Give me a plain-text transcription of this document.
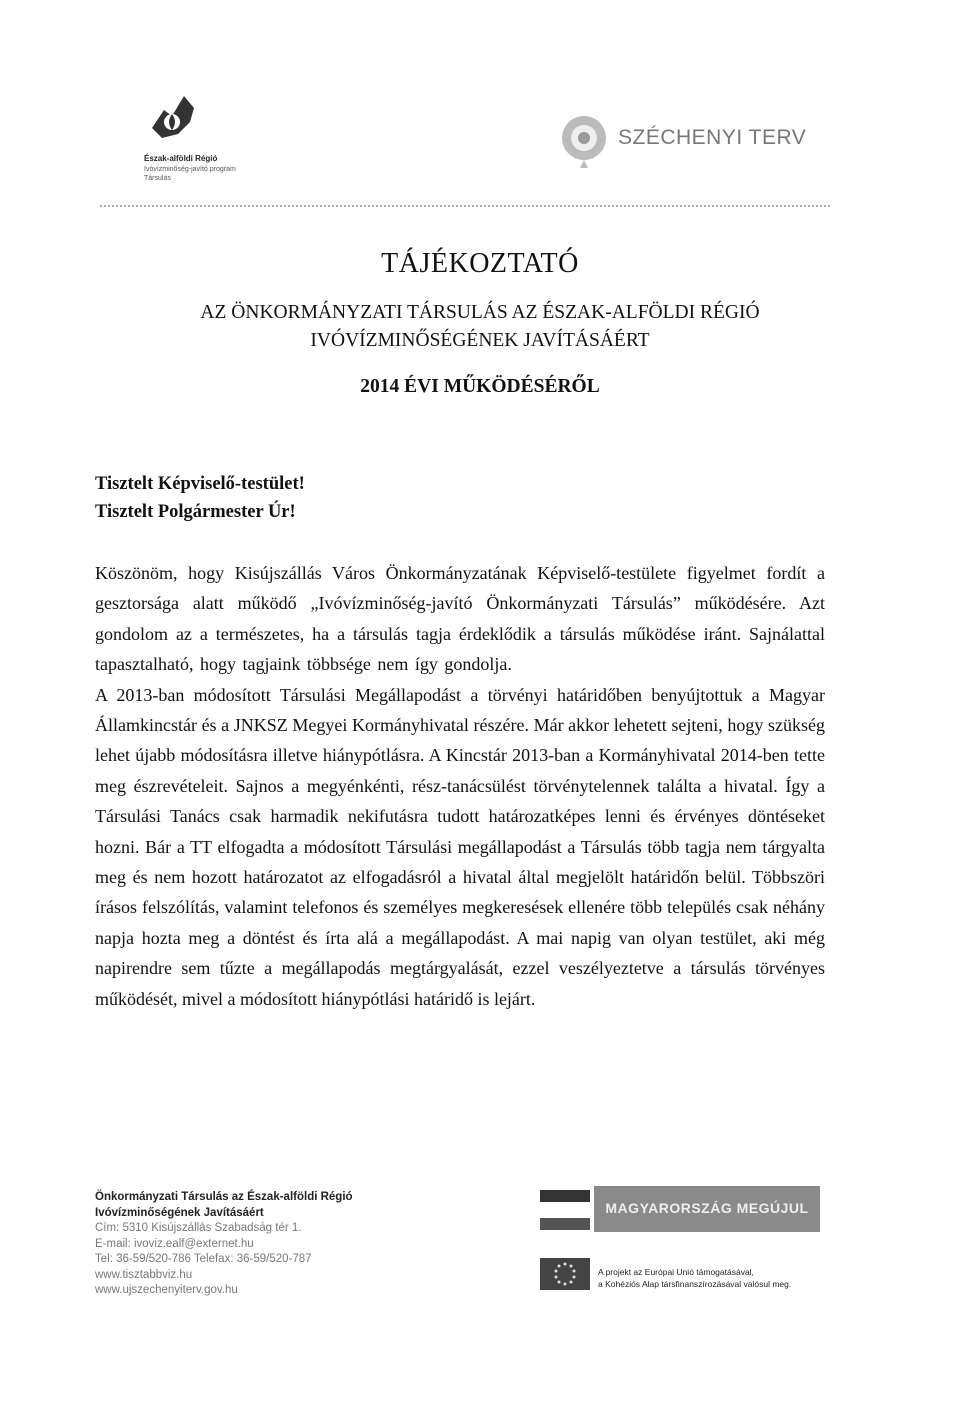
Észak-alföldi Régió
Ivóvízminőség-javító program
Társulás
SZÉCHENYI TERV
TÁJÉKOZTATÓ
AZ ÖNKORMÁNYZATI TÁRSULÁS AZ ÉSZAK-ALFÖLDI RÉGIÓ
IVÓVÍZMINŐSÉGÉNEK JAVÍTÁSÁÉRT
2014 ÉVI MŰKÖDÉSÉRŐL
Tisztelt Képviselő-testület!
Tisztelt Polgármester Úr!

Köszönöm, hogy Kisújszállás Város Önkormányzatának Képviselő-testülete figyelmet fordít a gesztorsága alatt működő „Ivóvízminőség-javító Önkormányzati Társulás” működésére. Azt gondolom az a természetes, ha a társulás tagja érdeklődik a társulás működése iránt. Sajnálattal tapasztalható, hogy tagjaink többsége nem így gondolja.

A 2013-ban módosított Társulási Megállapodást a törvényi határidőben benyújtottuk a Magyar Államkincstár és a JNKSZ Megyei Kormányhivatal részére. Már akkor lehetett sejteni, hogy szükség lehet újabb módosításra illetve hiánypótlásra. A Kincstár 2013-ban a Kormányhivatal 2014-ben tette meg észrevételeit. Sajnos a megyénkénti, rész-tanácsülést törvénytelennek találta a hivatal. Így a Társulási Tanács csak harmadik nekifutásra tudott határozatképes lenni és érvényes döntéseket hozni. Bár a TT elfogadta a módosított Társulási megállapodást a Társulás több tagja nem tárgyalta meg és nem hozott határozatot az elfogadásról a hivatal által megjelölt határidőn belül. Többszöri írásos felszólítás, valamint telefonos és személyes megkeresések ellenére több település csak néhány napja hozta meg a döntést és írta alá a megállapodást. A mai napig van olyan testület, aki még napirendre sem tűzte a megállapodás megtárgyalását, ezzel veszélyeztetve a társulás törvényes működését, mivel a módosított hiánypótlási határidő is lejárt.

Önkormányzati Társulás az Észak-alföldi Régió
Ivóvízminőségének Javításáért
Cím: 5310 Kisújszállás Szabadság tér 1.
E-mail: ivoviz.ealf@externet.hu
Tel: 36-59/520-786 Telefax: 36-59/520-787
www.tisztabbviz.hu
www.ujszechenyiterv.gov.hu
MAGYARORSZÁG MEGÚJUL
A projekt az Európai Unió támogatásával,
a Kohéziós Alap társfinanszírozásával valósul meg.
